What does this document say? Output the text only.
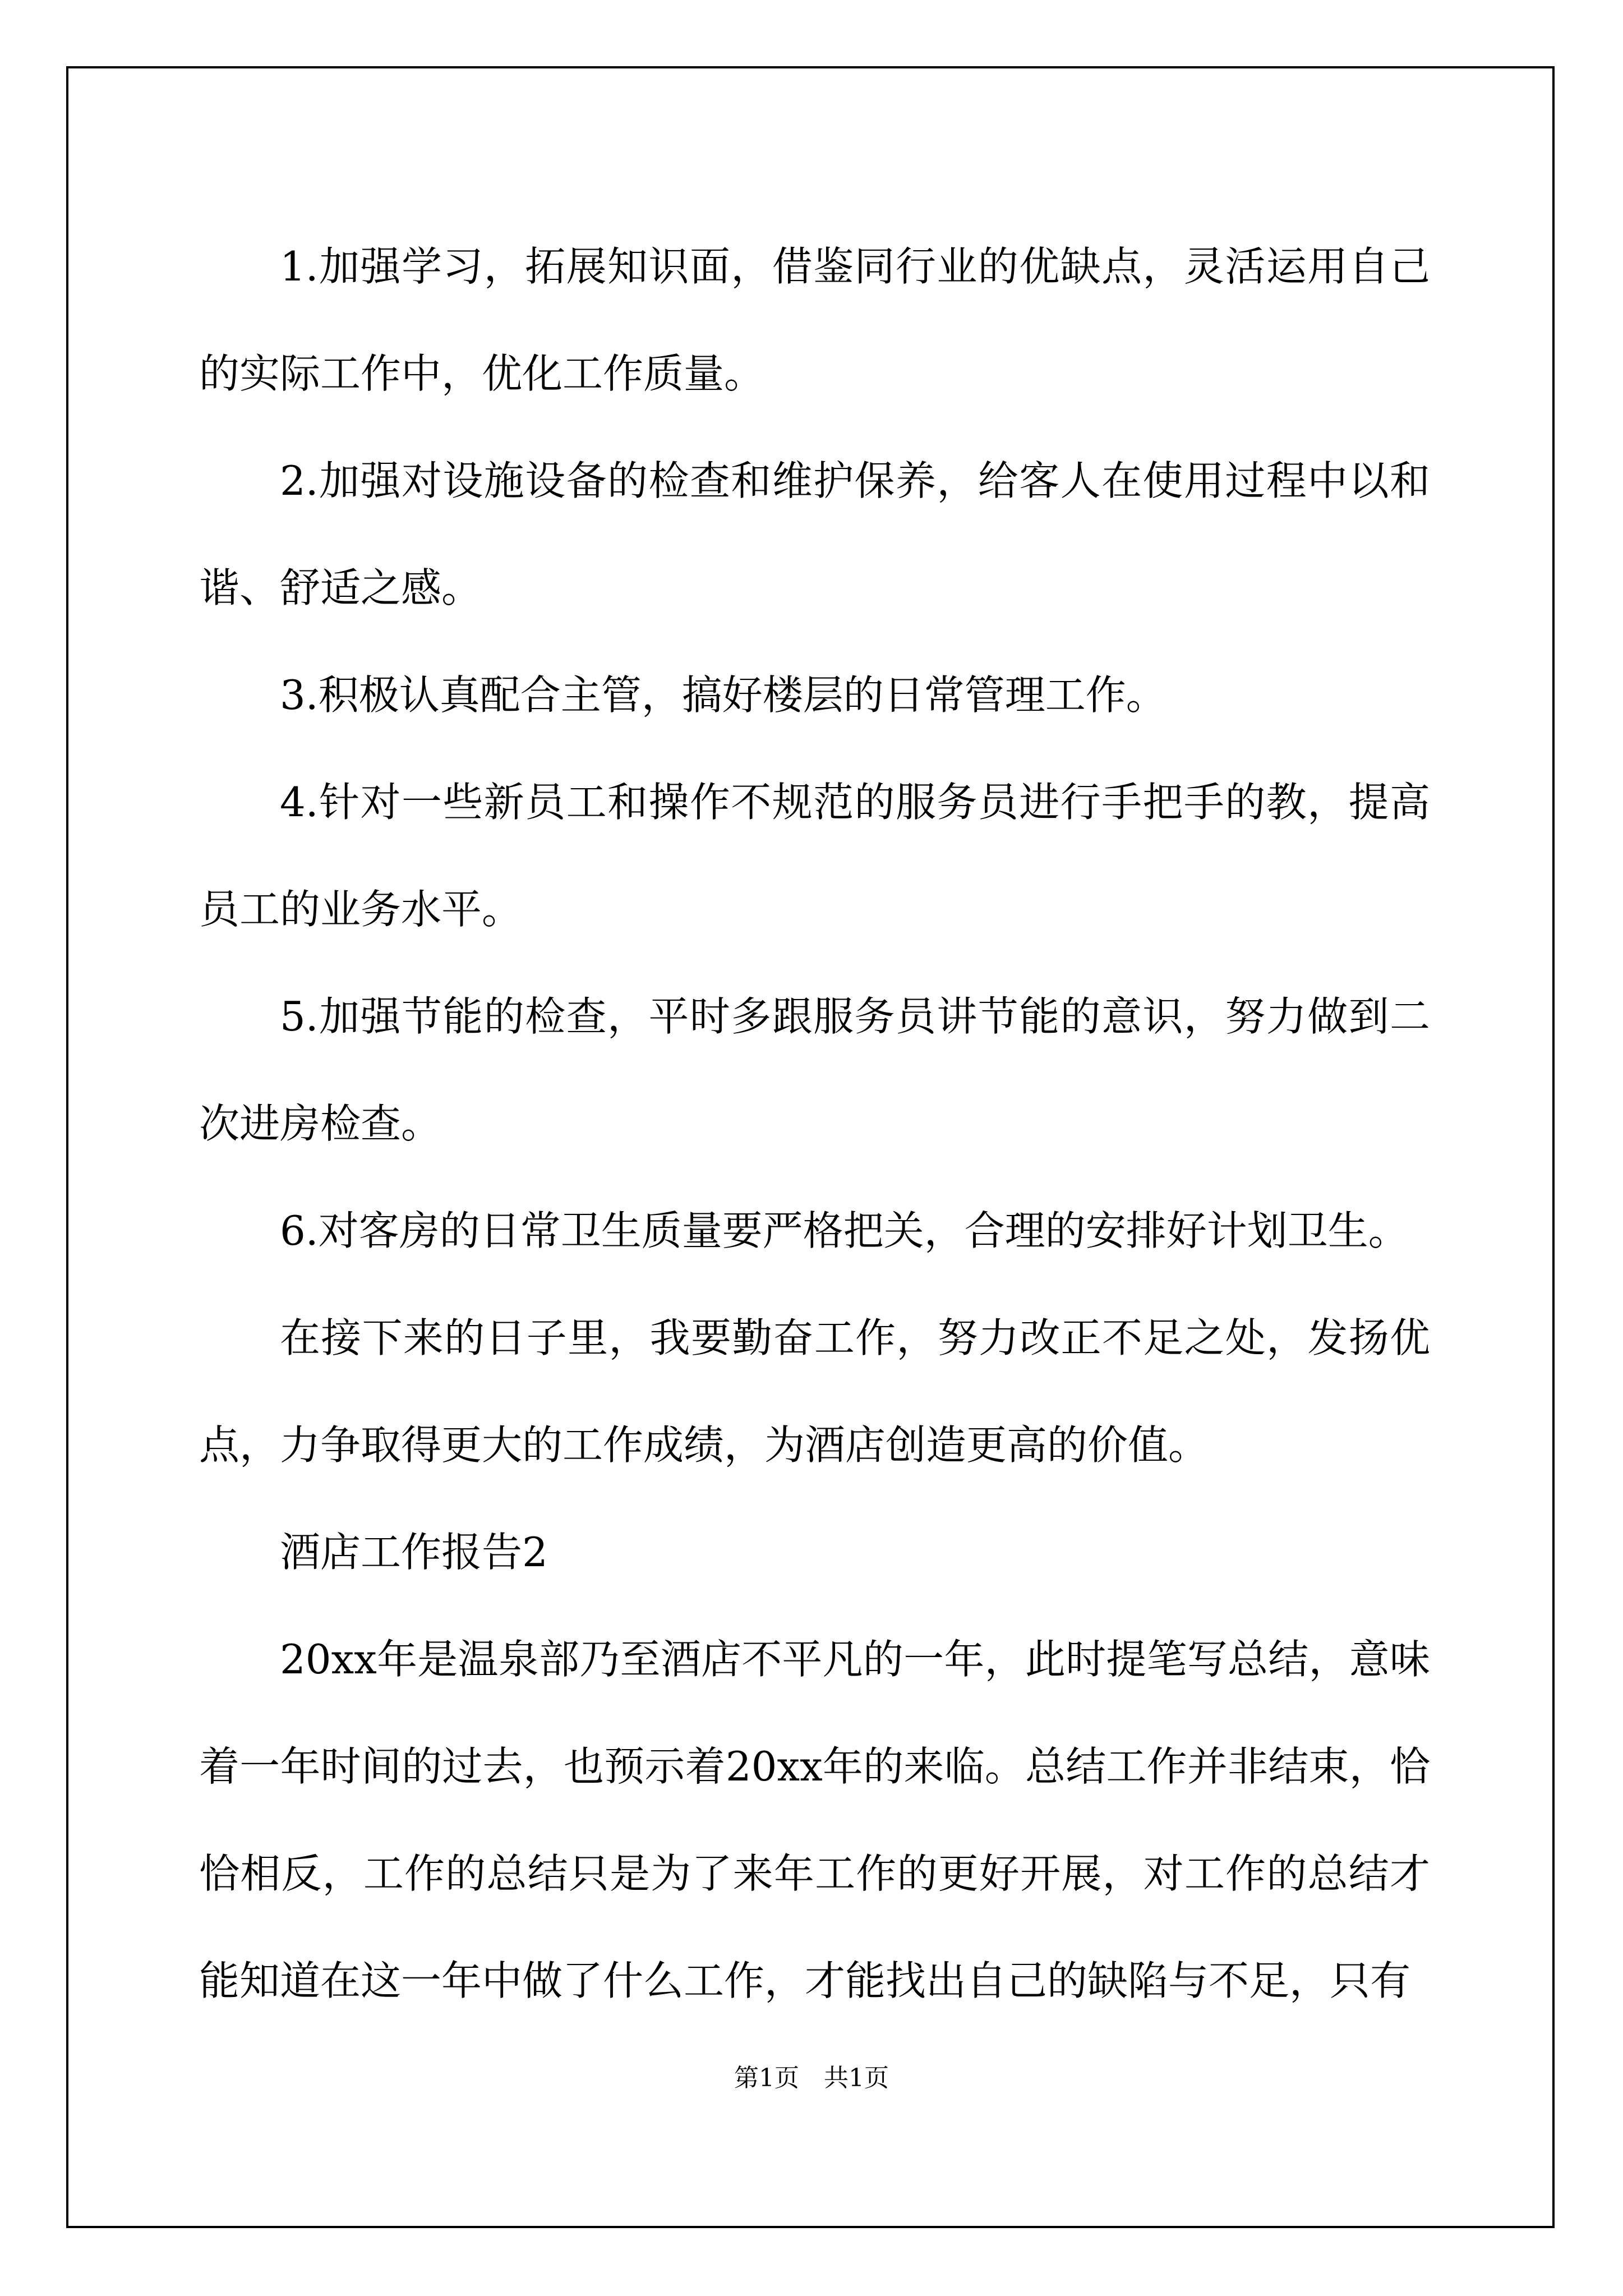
1.加强学习，拓展知识面，借鉴同行业的优缺点，灵活运用自己的实际工作中，优化工作质量。

2.加强对设施设备的检查和维护保养，给客人在使用过程中以和谐、舒适之感。

3.积极认真配合主管，搞好楼层的日常管理工作。

4.针对一些新员工和操作不规范的服务员进行手把手的教，提高员工的业务水平。

5.加强节能的检查，平时多跟服务员讲节能的意识，努力做到二次进房检查。

6.对客房的日常卫生质量要严格把关，合理的安排好计划卫生。

在接下来的日子里，我要勤奋工作，努力改正不足之处，发扬优点，力争取得更大的工作成绩，为酒店创造更高的价值。

酒店工作报告2

20xx年是温泉部乃至酒店不平凡的一年，此时提笔写总结，意味着一年时间的过去，也预示着20xx年的来临。总结工作并非结束，恰恰相反，工作的总结只是为了来年工作的更好开展，对工作的总结才能知道在这一年中做了什么工作，才能找出自己的缺陷与不足，只有

第1页　共1页
